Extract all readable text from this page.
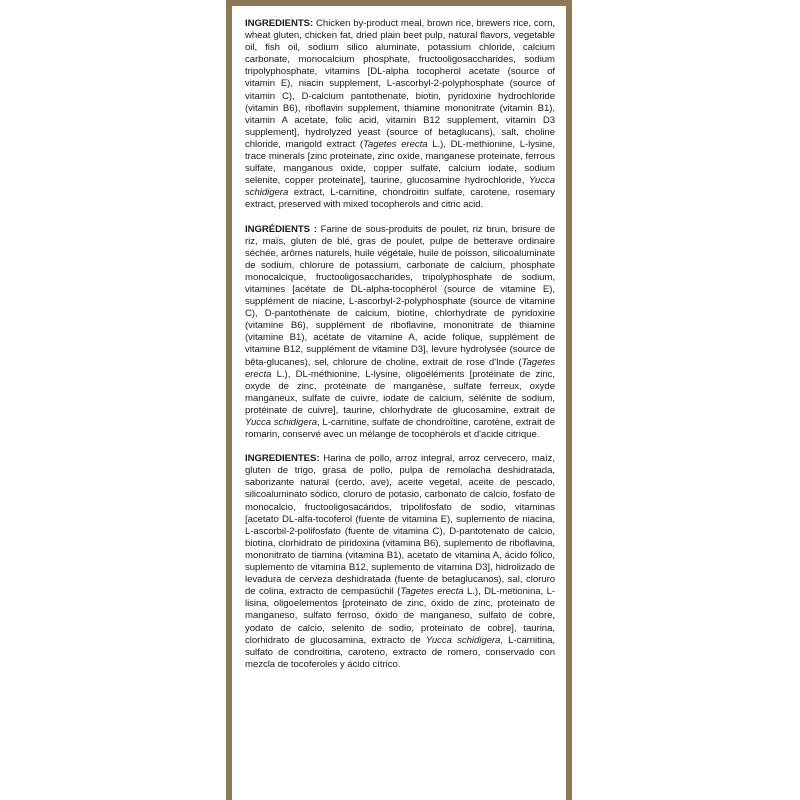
INGREDIENTS: Chicken by-product meal, brown rice, brewers rice, corn, wheat gluten, chicken fat, dried plain beet pulp, natural flavors, vegetable oil, fish oil, sodium silico aluminate, potassium chloride, calcium carbonate, monocalcium phosphate, fructooligosaccharides, sodium tripolyphosphate, vitamins [DL-alpha tocopherol acetate (source of vitamin E), niacin supplement, L-ascorbyl-2-polyphosphate (source of vitamin C), D-calcium pantothenate, biotin, pyridoxine hydrochloride (vitamin B6), riboflavin supplement, thiamine mononitrate (vitamin B1), vitamin A acetate, folic acid, vitamin B12 supplement, vitamin D3 supplement], hydrolyzed yeast (source of betaglucans), salt, choline chloride, marigold extract (Tagetes erecta L.), DL-methionine, L-lysine, trace minerals [zinc proteinate, zinc oxide, manganese proteinate, ferrous sulfate, manganous oxide, copper sulfate, calcium iodate, sodium selenite, copper proteinate], taurine, glucosamine hydrochloride, Yucca schidigera extract, L-carnitine, chondroitin sulfate, carotene, rosemary extract, preserved with mixed tocopherols and citric acid.

INGRÉDIENTS : Farine de sous-produits de poulet, riz brun, brisure de riz, maïs, gluten de blé, gras de poulet, pulpe de betterave ordinaire séchée, arômes naturels, huile végétale, huile de poisson, silicoaluminate de sodium, chlorure de potassium, carbonate de calcium, phosphate monocalcique, fructooligosaccharides, tripolyphosphate de sodium, vitamines [acétate de DL-alpha-tocophérol (source de vitamine E), supplément de niacine, L-ascorbyl-2-polyphosphate (source de vitamine C), D-pantothénate de calcium, biotine, chlorhydrate de pyridoxine (vitamine B6), supplément de riboflavine, mononitrate de thiamine (vitamine B1), acétate de vitamine A, acide folique, supplément de vitamine B12, supplément de vitamine D3], levure hydrolysée (source de bêta-glucanes), sel, chlorure de choline, extrait de rose d'Inde (Tagetes erecta L.), DL-méthionine, L-lysine, oligoéléments [protéinate de zinc, oxyde de zinc, protéinate de manganèse, sulfate ferreux, oxyde manganeux, sulfate de cuivre, iodate de calcium, sélénite de sodium, protéinate de cuivre], taurine, chlorhydrate de glucosamine, extrait de Yucca schidigera, L-carnitine, sulfate de chondroïtine, carotène, extrait de romarin, conservé avec un mélange de tocophérols et d'acide citrique.

INGREDIENTES: Harina de pollo, arroz integral, arroz cervecero, maíz, gluten de trigo, grasa de pollo, pulpa de remolacha deshidratada, saborizante natural (cerdo, ave), aceite vegetal, aceite de pescado, silicoaluminato sódico, cloruro de potasio, carbonato de calcio, fosfato de monocalcio, fructooligosacáridos, tripolifosfato de sodio, vitaminas [acetato DL-alfa-tocoferol (fuente de vitamina E), suplemento de niacina, L-ascorbil-2-polifosfato (fuente de vitamina C), D-pantotenato de calcio, biotina, clorhidrato de piridoxina (vitamina B6), suplemento de riboflavina, mononitrato de tiamina (vitamina B1), acetato de vitamina A, ácido fólico, suplemento de vitamina B12, suplemento de vitamina D3], hidrolizado de levadura de cerveza deshidratada (fuente de betaglucanos), sal, cloruro de colina, extracto de cempasúchil (Tagetes erecta L.), DL-metionina, L-lisina, oligoelementos [proteinato de zinc, óxido de zinc, proteinato de manganeso, sulfato ferroso, óxido de manganeso, sulfato de cobre, yodato de calcio, selenito de sodio, proteinato de cobre], taurina, clorhidrato de glucosamina, extracto de Yucca schidigera, L-carnitina, sulfato de condroitina, caroteno, extracto de romero, conservado con mezcla de tocoferoles y ácido cítrico.
